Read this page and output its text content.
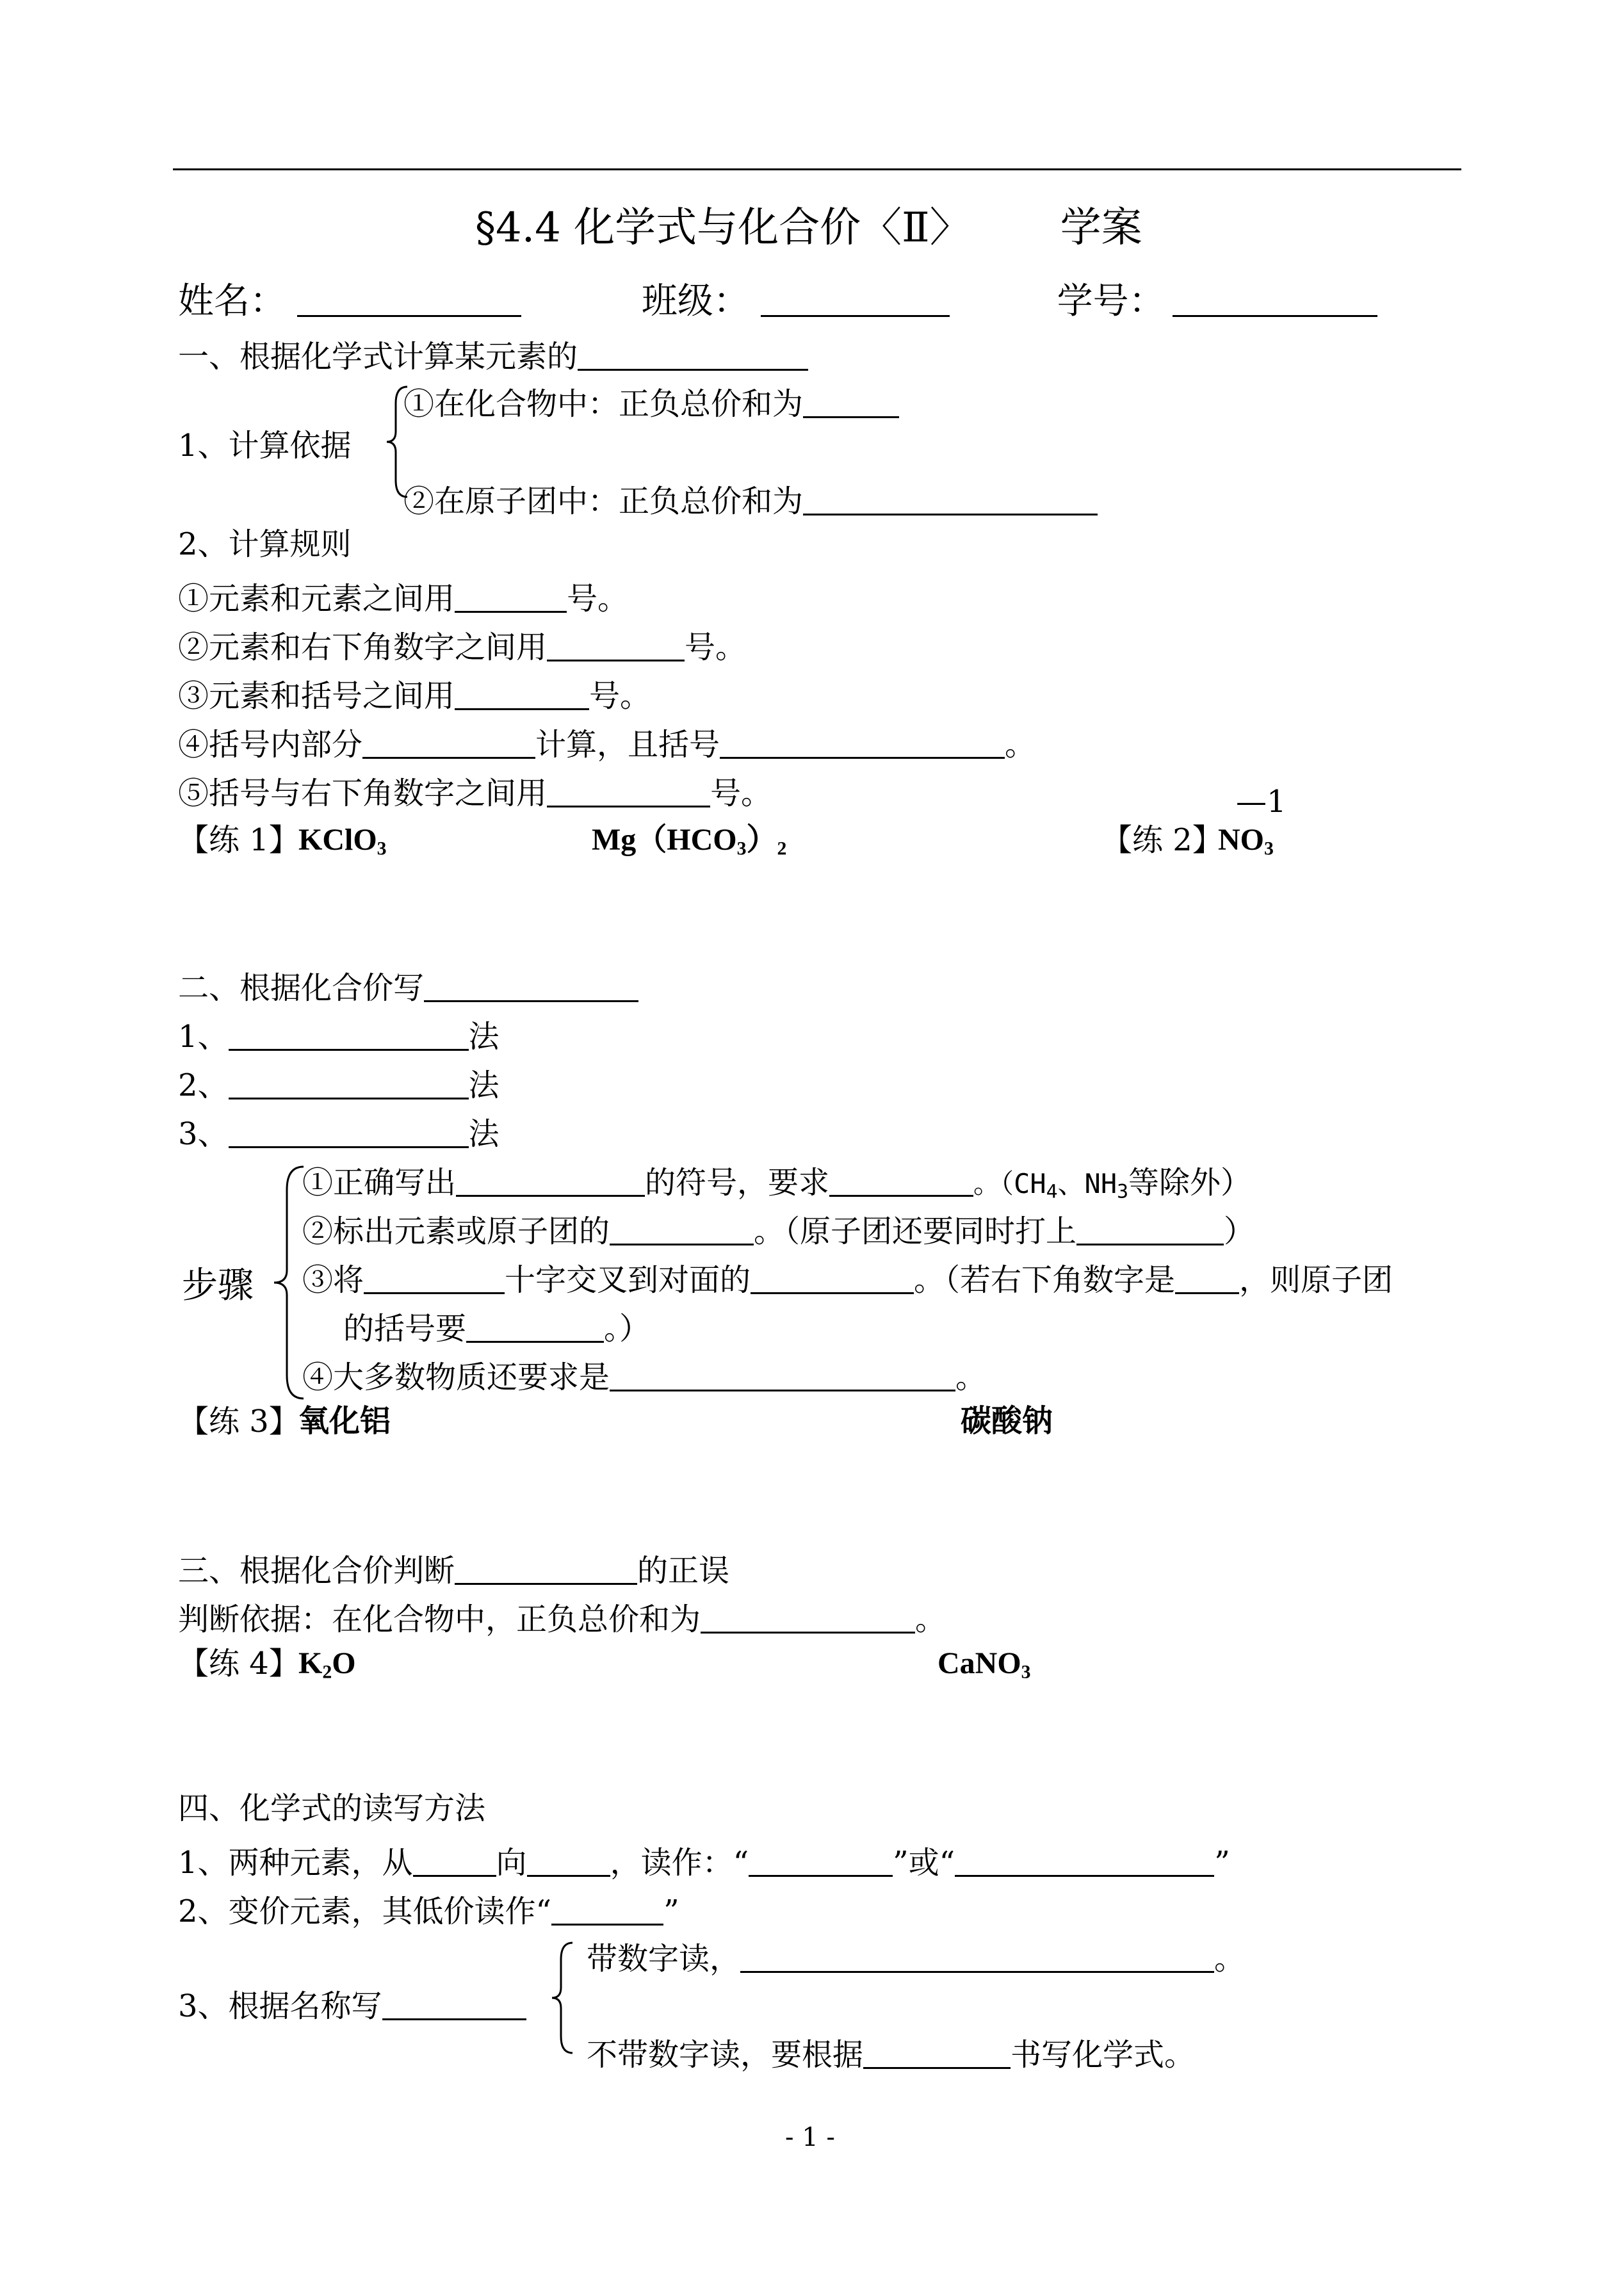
§4.4 化学式与化合价〈Ⅱ〉 学案
姓名：	班级：	学号：
一、根据化学式计算某元素的
1、计算依据
①在化合物中：正负总价和为
②在原子团中：正负总价和为
2、计算规则
①元素和元素之间用	号。
②元素和右下角数字之间用	号。
③元素和括号之间用	号。
④括号内部分	计算，且括号	。
⑤括号与右下角数字之间用	号。	—1
【练 1】
KClO$_3$	$Mg(HCO_3)_2$	【练 2】
$NO_3$
二、根据化合价写
1、	法
2、	法
3、	法
步骤
①正确写出	的符号，要求	。（$CH_4$、$NH_3$等除外）
②标出元素或原子团的	。（原子团还要同时打上	）
③将	十字交叉到对面的	。（若右下角数字是 ，则原子团
的括号要	。）
④大多数物质还要求是	。
【练 3】
氧化铝	碳酸钠
三、根据化合价判断	的正误
判断依据：在化合物中，正负总价和为	。
【练 4】
$K_2O$	CaNO$_3$
四、化学式的读写方法
1、两种元素，从	向	，读作：“	”或“	”
2、变价元素，其低价读作“	”
3、根据名称写
带数字读，	。
不带数字读，要根据	书写化学式。
- 1 -
